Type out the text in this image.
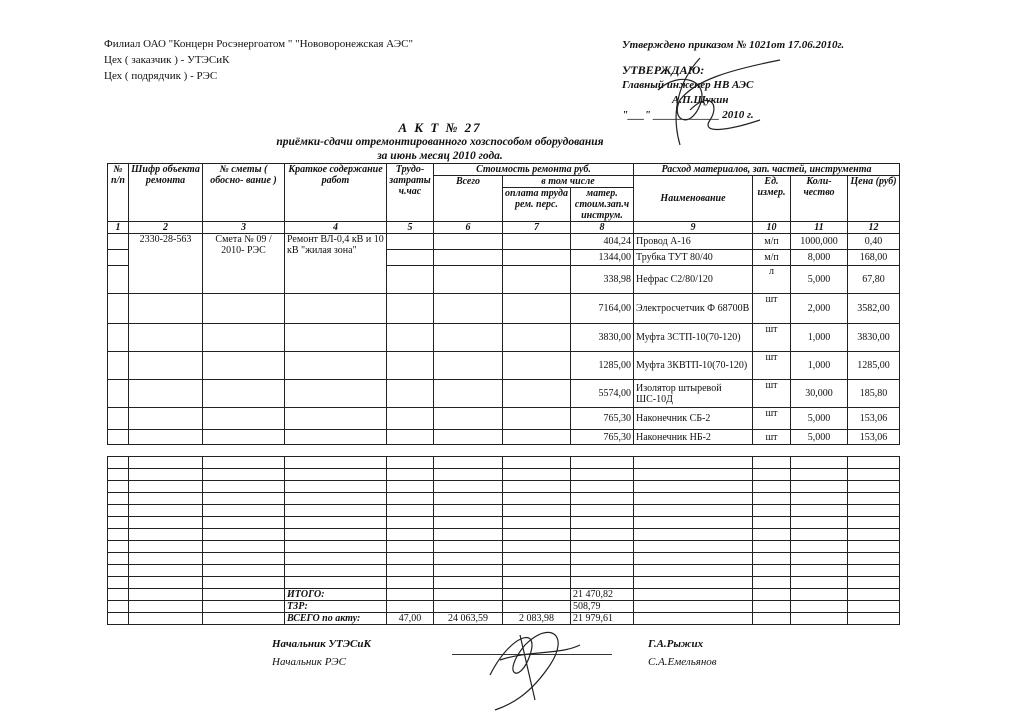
Филиал ОАО "Концерн Росэнергоатом " "Нововоронежская АЭС"
Цех ( заказчик ) - УТЭСиК
Цех ( подрядчик ) - РЭС
Утверждено приказом № 1021от 17.06.2010г.
УТВЕРЖДАЮ:
Главный инженер НВ АЭС
А.П.Щукин
"___" ____________ 2010 г.
А К Т № 27
приёмки-сдачи отремонтированного хозспособом оборудования
за июнь месяц 2010 года.
№ п/п	Шифр объекта ремонта	№ сметы ( обосно- вание )	Краткое содержание работ	Трудо- затраты ч.час	Стоимость ремонта руб.			Расход материалов, зап. частей, инструмента			
					Всего	в том числе		Наименование	Ед. измер.	Коли- чество	Цена (руб)
						оплата труда рем. перс.	матер. стоим.зап.ч инструм.				
1	2	3	4	5	6	7	8	9	10	11	12
	2330-28-563	Смета № 09 / 2010- РЭС	Ремонт ВЛ-0,4 кВ и 10 кВ "жилая зона"				404,24	Провод А-16	м/п	1000,000	0,40
							1344,00	Трубка ТУТ 80/40	м/п	8,000	168,00
							338,98	Нефрас С2/80/120	л	5,000	67,80
							7164,00	Электросчетчик Ф 68700В	шт	2,000	3582,00
							3830,00	Муфта 3СТП-10(70-120)	шт	1,000	3830,00
							1285,00	Муфта 3КВТП-10(70-120)	шт	1,000	1285,00
							5574,00	Изолятор штыревой ШС-10Д	шт	30,000	185,80
							765,30	Наконечник СБ-2	шт	5,000	153,06
							765,30	Наконечник НБ-2	шт	5,000	153,06

			ИТОГО:				21 470,82				
			ТЗР:				508,79				
			ВСЕГО по акту:	47,00	24 063,59	2 083,98	21 979,61				
Начальник УТЭСиК
Начальник РЭС
Г.А.Рыжих
С.А.Емельянов
